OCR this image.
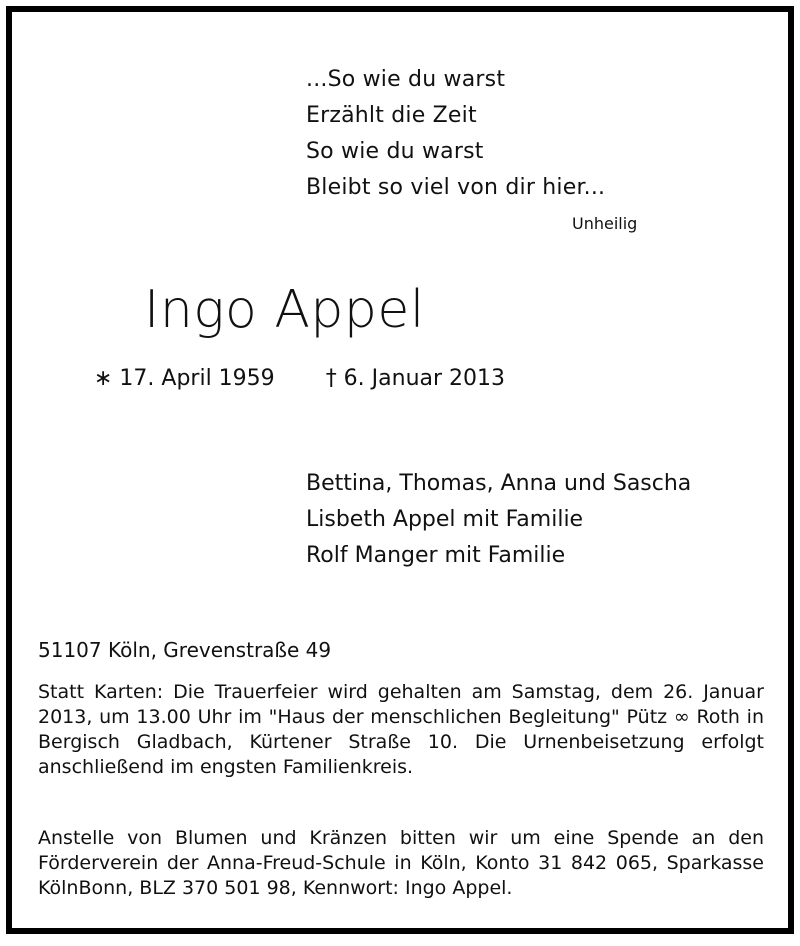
...So wie du warst
Erzählt die Zeit
So wie du warst
Bleibt so viel von dir hier...
Unheilig
Ingo Appel
∗ 17. April 1959 † 6. Januar 2013
Bettina, Thomas, Anna und Sascha
Lisbeth Appel mit Familie
Rolf Manger mit Familie
51107 Köln, Grevenstraße 49
Statt Karten: Die Trauerfeier wird gehalten am Samstag, dem 26. Januar 2013, um 13.00 Uhr im "Haus der menschlichen Begleitung" Pütz ∞ Roth in Bergisch Gladbach, Kürtener Straße 10. Die Urnenbeisetzung erfolgt anschließend im engsten Familienkreis.
Anstelle von Blumen und Kränzen bitten wir um eine Spende an den Förderverein der Anna-Freud-Schule in Köln, Konto 31 842 065, Sparkasse KölnBonn, BLZ 370 501 98, Kennwort: Ingo Appel.
